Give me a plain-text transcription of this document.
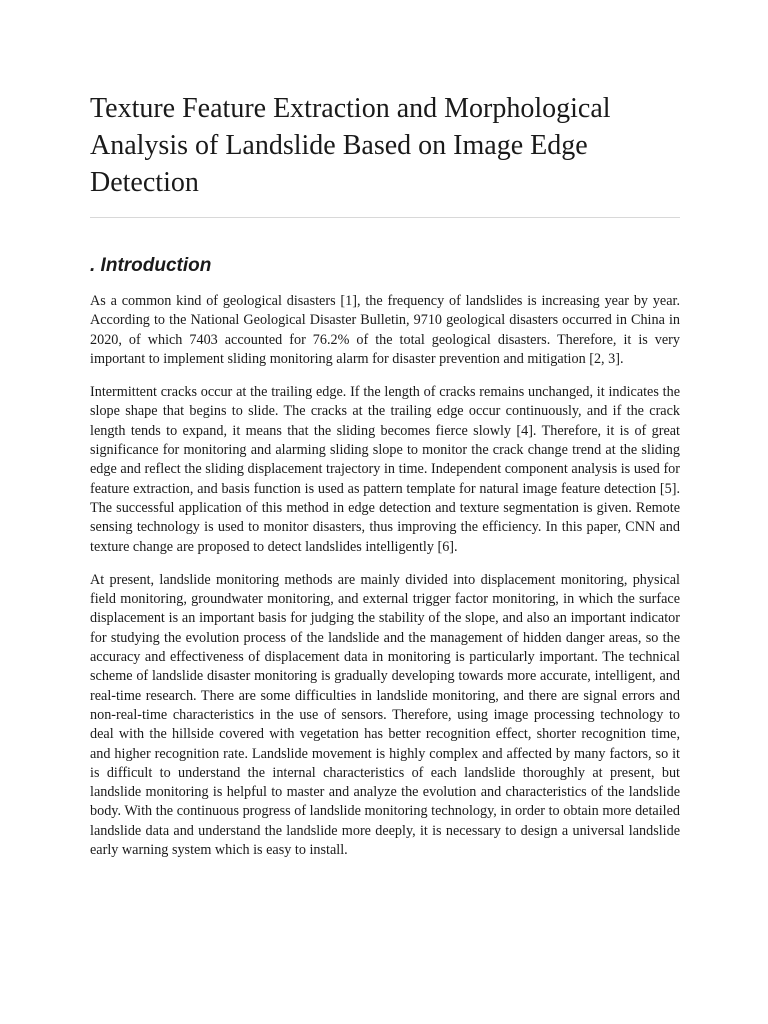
Texture Feature Extraction and Morphological Analysis of Landslide Based on Image Edge Detection
. Introduction

As a common kind of geological disasters [1], the frequency of landslides is increasing year by year. According to the National Geological Disaster Bulletin, 9710 geological disasters occurred in China in 2020, of which 7403 accounted for 76.2% of the total geological disasters. Therefore, it is very important to implement sliding monitoring alarm for disaster prevention and mitigation [2, 3].

Intermittent cracks occur at the trailing edge. If the length of cracks remains unchanged, it indicates the slope shape that begins to slide. The cracks at the trailing edge occur continuously, and if the crack length tends to expand, it means that the sliding becomes fierce slowly [4]. Therefore, it is of great significance for monitoring and alarming sliding slope to monitor the crack change trend at the sliding edge and reflect the sliding displacement trajectory in time. Independent component analysis is used for feature extraction, and basis function is used as pattern template for natural image feature detection [5]. The successful application of this method in edge detection and texture segmentation is given. Remote sensing technology is used to monitor disasters, thus improving the efficiency. In this paper, CNN and texture change are proposed to detect landslides intelligently [6].

At present, landslide monitoring methods are mainly divided into displacement monitoring, physical field monitoring, groundwater monitoring, and external trigger factor monitoring, in which the surface displacement is an important basis for judging the stability of the slope, and also an important indicator for studying the evolution process of the landslide and the management of hidden danger areas, so the accuracy and effectiveness of displacement data in monitoring is particularly important. The technical scheme of landslide disaster monitoring is gradually developing towards more accurate, intelligent, and real-time research. There are some difficulties in landslide monitoring, and there are signal errors and non-real-time characteristics in the use of sensors. Therefore, using image processing technology to deal with the hillside covered with vegetation has better recognition effect, shorter recognition time, and higher recognition rate. Landslide movement is highly complex and affected by many factors, so it is difficult to understand the internal characteristics of each landslide thoroughly at present, but landslide monitoring is helpful to master and analyze the evolution and characteristics of the landslide body. With the continuous progress of landslide monitoring technology, in order to obtain more detailed landslide data and understand the landslide more deeply, it is necessary to design a universal landslide early warning system which is easy to install.
